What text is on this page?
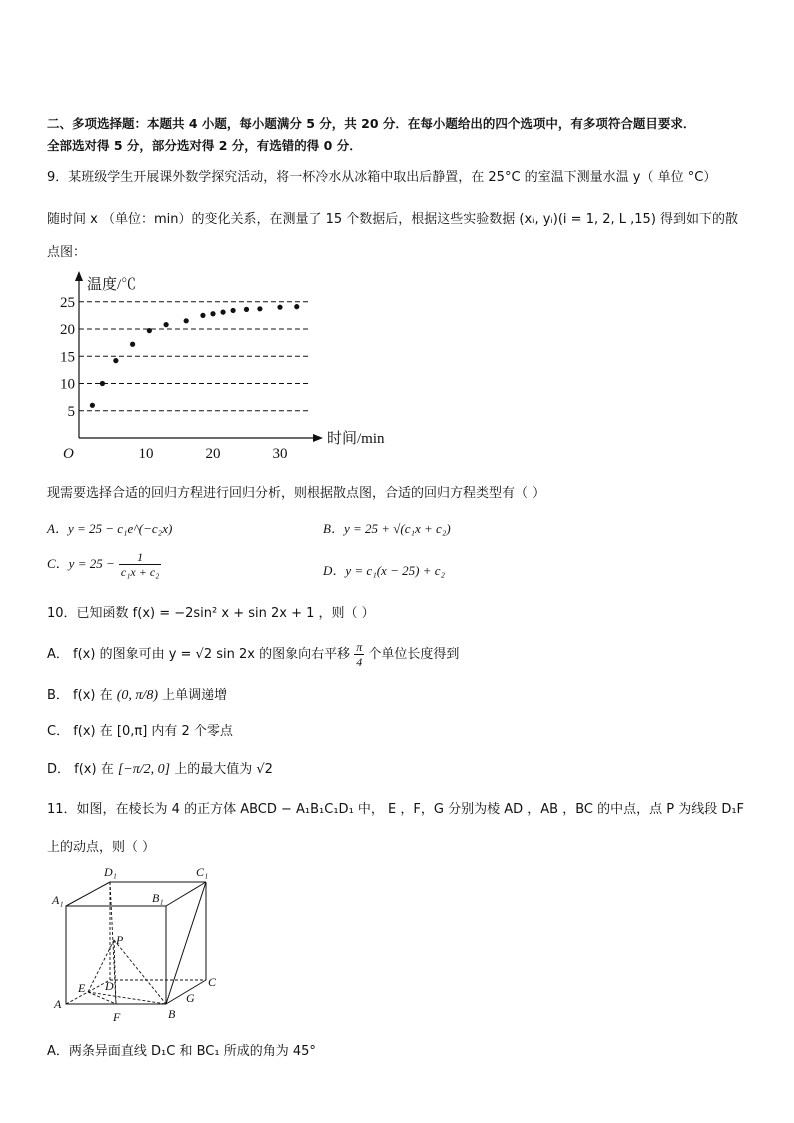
二、多项选择题：本题共 4 小题，每小题满分 5 分，共 20 分．在每小题给出的四个选项中，有多项符合题目要求．
全部选对得 5 分，部分选对得 2 分，有选错的得 0 分．
9．某班级学生开展课外数学探究活动，将一杯冷水从冰箱中取出后静置，在 25°C 的室温下测量水温 y（ 单位 °C）
随时间 x （单位：min）的变化关系，在测量了 15 个数据后，根据这些实验数据 (xᵢ, yᵢ)(i = 1, 2, L ,15) 得到如下的散
点图：
温度/℃
时间/min
O
5
10
15
20
25
10	20	30
现需要选择合适的回归方程进行回归分析，则根据散点图，合适的回归方程类型有（ ）
A．y = 25 − c₁e^(−c₂x)	B．y = 25 + √(c₁x + c₂)
C．$y = 25 - \frac{1}{\text{c₁x + c₂}}$	D．y = c₁(x − 25) + c₂
10．已知函数 f(x) = −2sin² x + sin 2x + 1 ，则（ ）
A． f(x) 的图象可由 y = √2 sin 2x 的图象向右平移 $\frac{\pi}{4}$ 个单位长度得到
B． f(x) 在 (0, π/8) 上单调递增
C． f(x) 在 [0,π] 内有 2 个零点
D． f(x) 在 [−π/2, 0] 上的最大值为 √2
11．如图，在棱长为 4 的正方体 ABCD − A₁B₁C₁D₁ 中， E ，F，G 分别为棱 AD ，AB ，BC 的中点，点 P 为线段 D₁F
上的动点，则（ ）
D₁	C₁
A₁	B₁
P
C
E D
A
B
G
F
A．两条异面直线 D₁C 和 BC₁ 所成的角为 45°
